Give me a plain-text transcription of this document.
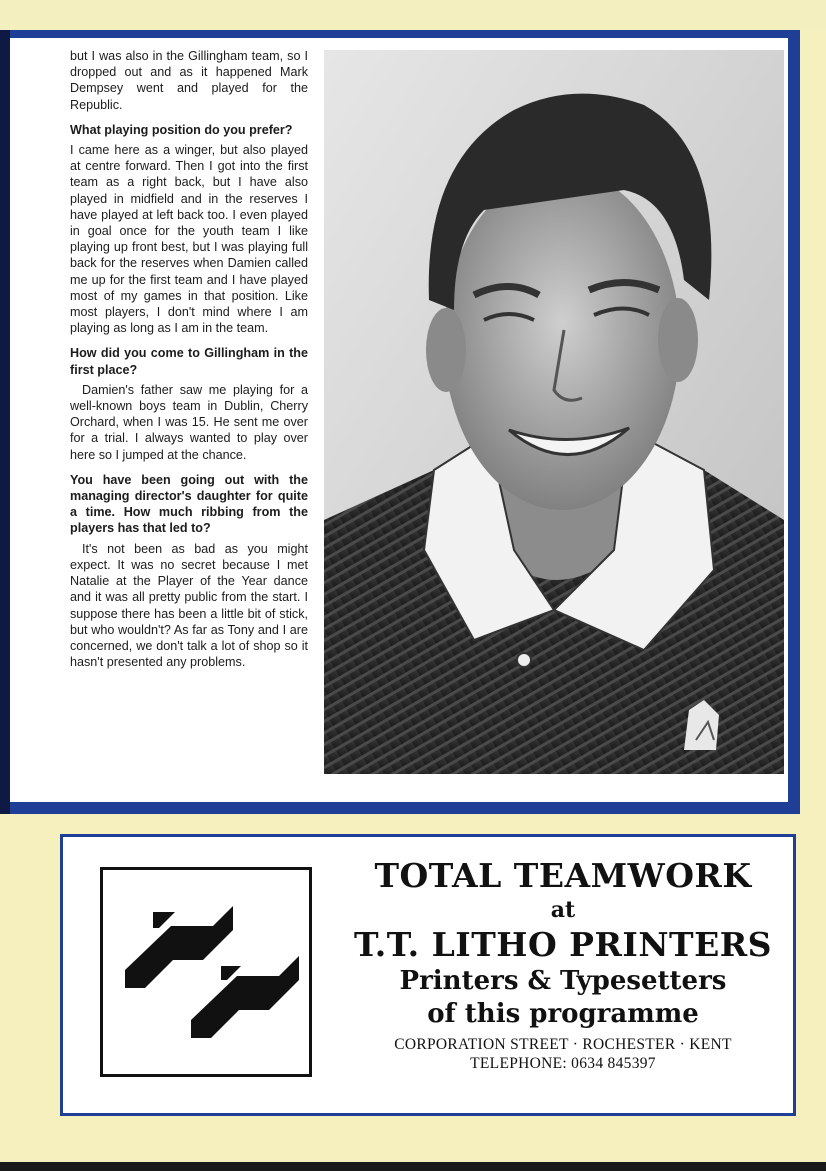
but I was also in the Gillingham team, so I dropped out and as it happened Mark Dempsey went and played for the Republic.

What playing position do you prefer?

I came here as a winger, but also played at centre forward. Then I got into the first team as a right back, but I have also played in midfield and in the reserves I have played at left back too. I even played in goal once for the youth team I like playing up front best, but I was playing full back for the reserves when Damien called me up for the first team and I have played most of my games in that position. Like most players, I don't mind where I am playing as long as I am in the team.

How did you come to Gillingham in the first place?

Damien's father saw me playing for a well-known boys team in Dublin, Cherry Orchard, when I was 15. He sent me over for a trial. I always wanted to play over here so I jumped at the chance.

You have been going out with the managing director's daughter for quite a time. How much ribbing from the players has that led to?

It's not been as bad as you might expect. It was no secret because I met Natalie at the Player of the Year dance and it was all pretty public from the start. I suppose there has been a little bit of stick, but who wouldn't? As far as Tony and I are concerned, we don't talk a lot of shop so it hasn't presented any problems.

TOTAL TEAMWORK
at
T.T. LITHO PRINTERS
Printers & Typesetters
of this programme
CORPORATION STREET · ROCHESTER · KENT
TELEPHONE: 0634 845397
